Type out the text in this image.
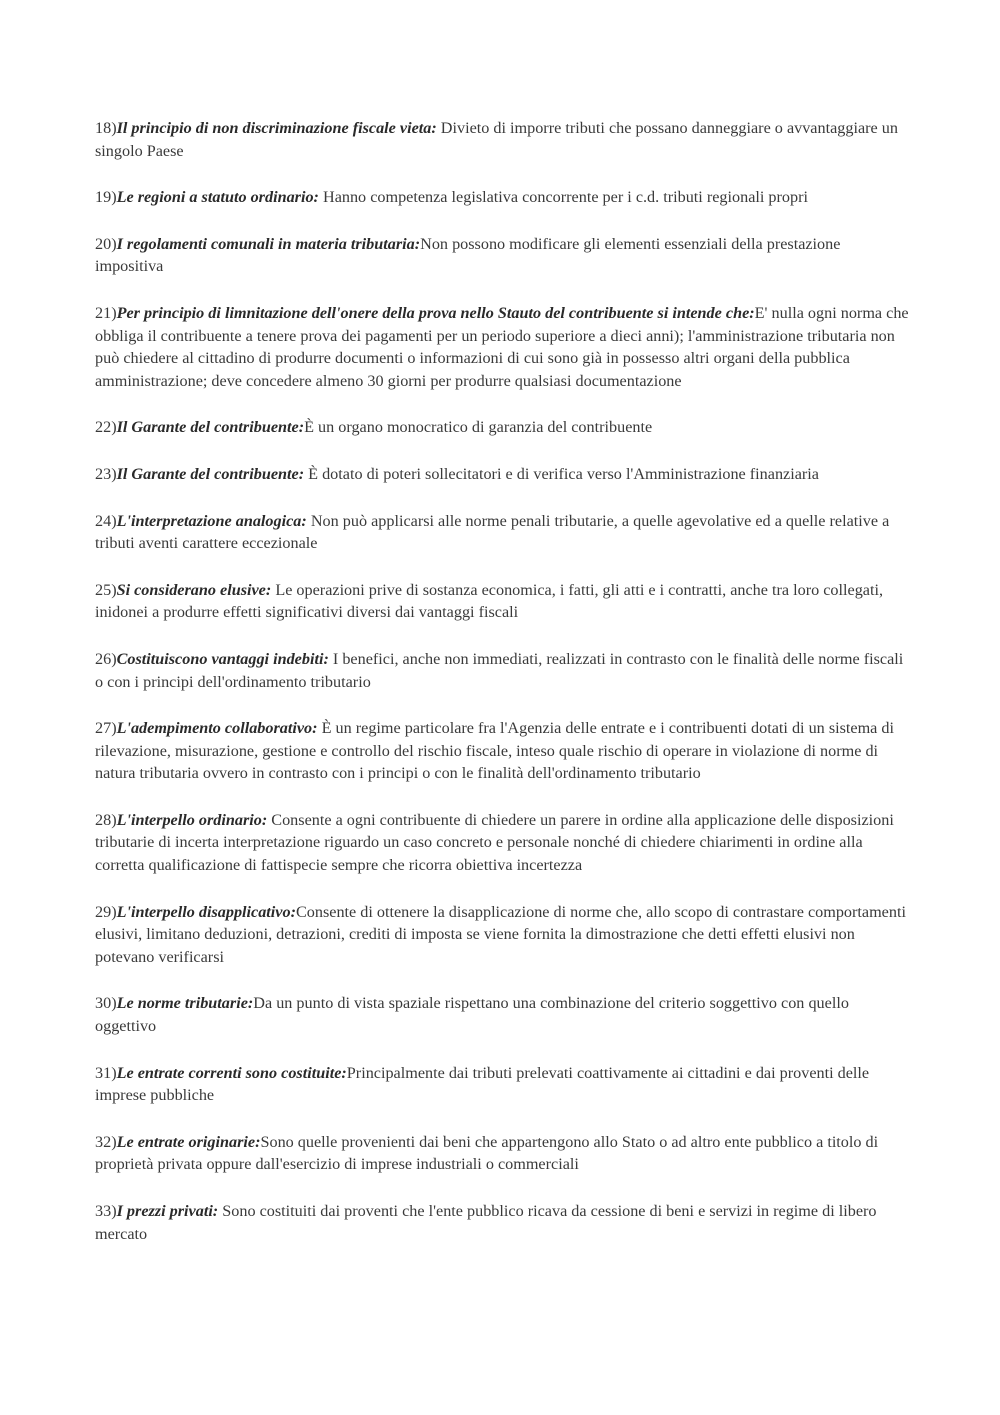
18)Il principio di non discriminazione fiscale vieta: Divieto di imporre tributi che possano danneggiare o avvantaggiare un singolo Paese

19)Le regioni a statuto ordinario: Hanno competenza legislativa concorrente per i c.d. tributi regionali propri

20)I regolamenti comunali in materia tributaria:Non possono modificare gli elementi essenziali della prestazione impositiva

21)Per principio di limnitazione dell'onere della prova nello Stauto del contribuente si intende che:E' nulla ogni norma che obbliga il contribuente a tenere prova dei pagamenti per un periodo superiore a dieci anni); l'amministrazione tributaria non può chiedere al cittadino di produrre documenti o informazioni di cui sono già in possesso altri organi della pubblica amministrazione; deve concedere almeno 30 giorni per produrre qualsiasi documentazione

22)Il Garante del contribuente:È un organo monocratico di garanzia del contribuente

23)Il Garante del contribuente: È dotato di poteri sollecitatori e di verifica verso l'Amministrazione finanziaria

24)L'interpretazione analogica: Non può applicarsi alle norme penali tributarie, a quelle agevolative ed a quelle relative a tributi aventi carattere eccezionale

25)Si considerano elusive: Le operazioni prive di sostanza economica, i fatti, gli atti e i contratti, anche tra loro collegati, inidonei a produrre effetti significativi diversi dai vantaggi fiscali

26)Costituiscono vantaggi indebiti: I benefici, anche non immediati, realizzati in contrasto con le finalità delle norme fiscali o con i principi dell'ordinamento tributario

27)L'adempimento collaborativo: È un regime particolare fra l'Agenzia delle entrate e i contribuenti dotati di un sistema di rilevazione, misurazione, gestione e controllo del rischio fiscale, inteso quale rischio di operare in violazione di norme di natura tributaria ovvero in contrasto con i principi o con le finalità dell'ordinamento tributario

28)L'interpello ordinario: Consente a ogni contribuente di chiedere un parere in ordine alla applicazione delle disposizioni tributarie di incerta interpretazione riguardo un caso concreto e personale nonché di chiedere chiarimenti in ordine alla corretta qualificazione di fattispecie sempre che ricorra obiettiva incertezza

29)L'interpello disapplicativo:Consente di ottenere la disapplicazione di norme che, allo scopo di contrastare comportamenti elusivi, limitano deduzioni, detrazioni, crediti di imposta se viene fornita la dimostrazione che detti effetti elusivi non potevano verificarsi

30)Le norme tributarie:Da un punto di vista spaziale rispettano una combinazione del criterio soggettivo con quello oggettivo

31)Le entrate correnti sono costituite:Principalmente dai tributi prelevati coattivamente ai cittadini e dai proventi delle imprese pubbliche

32)Le entrate originarie:Sono quelle provenienti dai beni che appartengono allo Stato o ad altro ente pubblico a titolo di proprietà privata oppure dall'esercizio di imprese industriali o commerciali

33)I prezzi privati: Sono costituiti dai proventi che l'ente pubblico ricava da cessione di beni e servizi in regime di libero mercato
